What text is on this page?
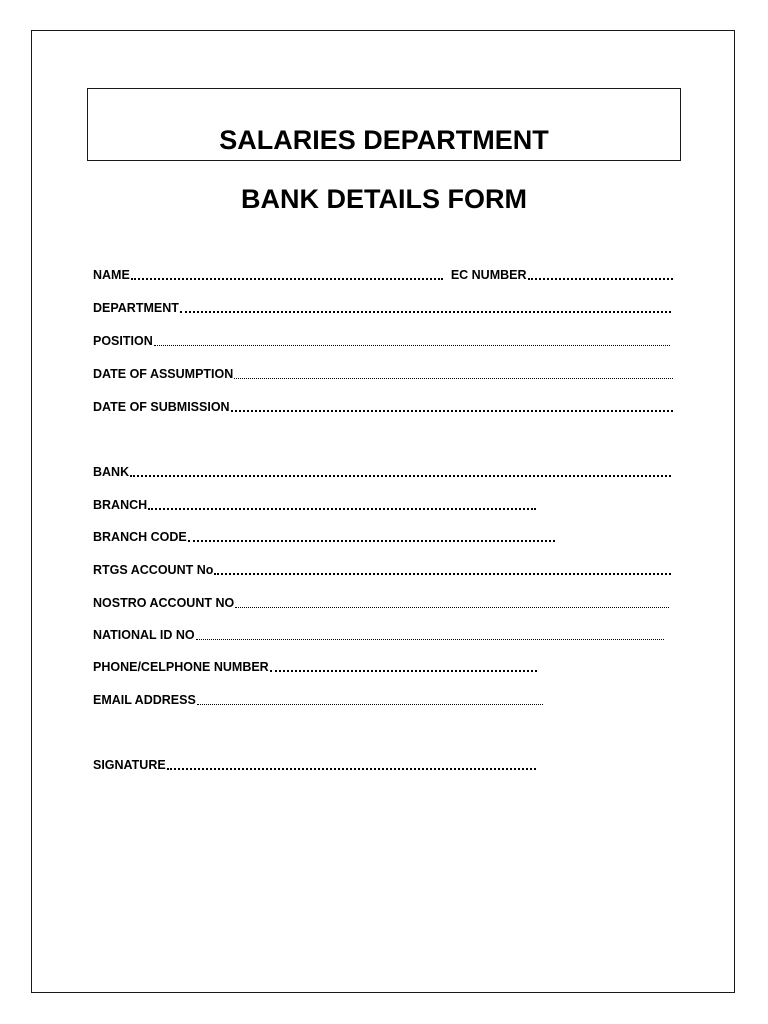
SALARIES DEPARTMENT
BANK DETAILS FORM
NAME	EC NUMBER
DEPARTMENT
POSITION
DATE OF ASSUMPTION
DATE OF SUBMISSION
BANK
BRANCH
BRANCH CODE
RTGS ACCOUNT No
NOSTRO ACCOUNT NO
NATIONAL ID NO
PHONE/CELPHONE NUMBER
EMAIL ADDRESS
SIGNATURE
